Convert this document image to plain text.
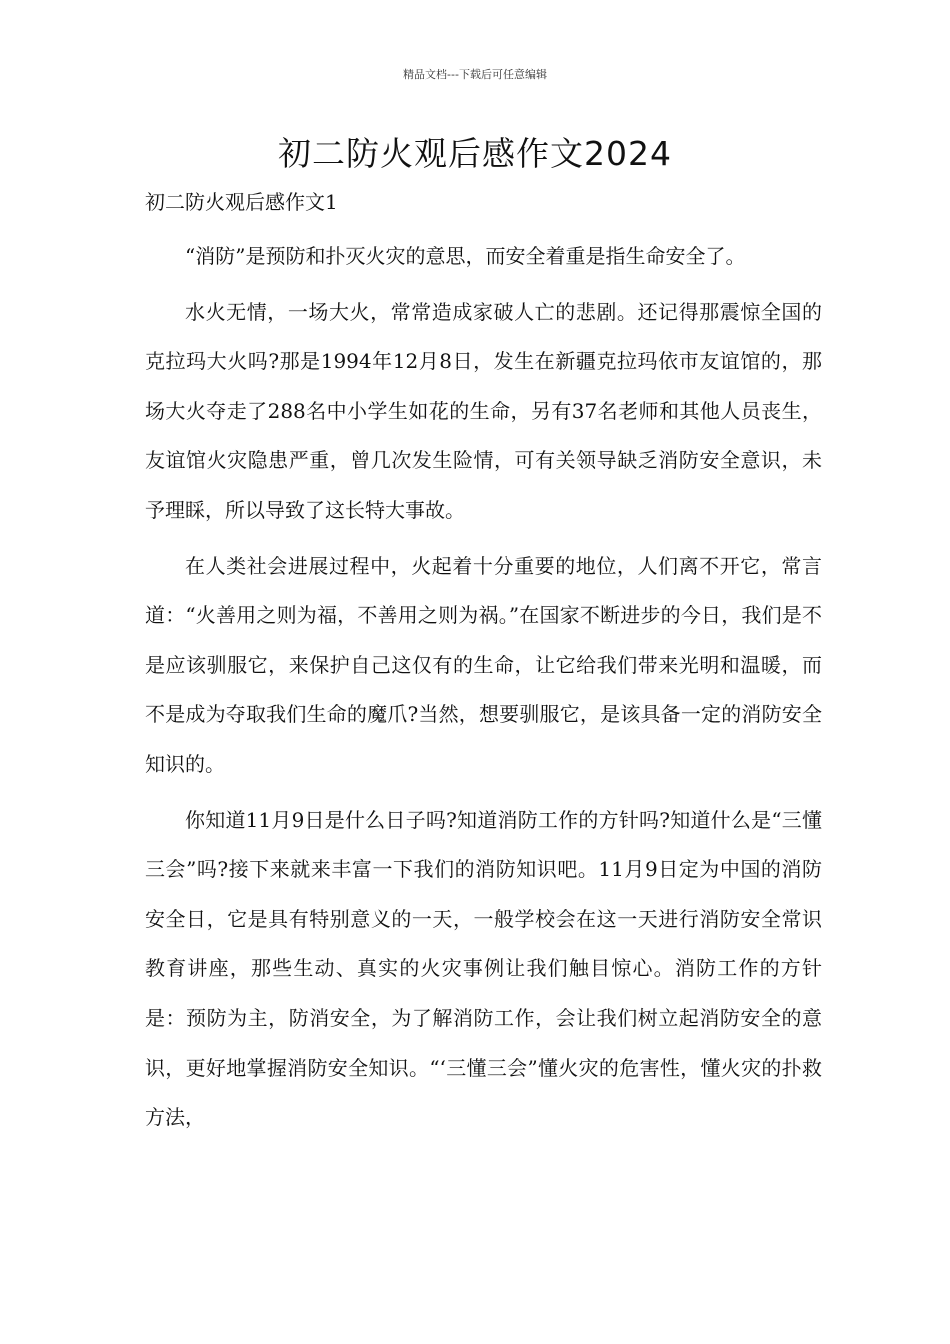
精品文档---下载后可任意编辑
初二防火观后感作文2024
初二防火观后感作文1

“消防”是预防和扑灭火灾的意思，而安全着重是指生命安全了。

水火无情，一场大火，常常造成家破人亡的悲剧。还记得那震惊全国的克拉玛大火吗?那是1994年12月8日，发生在新疆克拉玛依市友谊馆的，那场大火夺走了288名中小学生如花的生命，另有37名老师和其他人员丧生，友谊馆火灾隐患严重，曾几次发生险情，可有关领导缺乏消防安全意识，未予理睬，所以导致了这长特大事故。

在人类社会进展过程中，火起着十分重要的地位，人们离不开它，常言道：“火善用之则为福，不善用之则为祸。”在国家不断进步的今日，我们是不是应该驯服它，来保护自己这仅有的生命，让它给我们带来光明和温暖，而不是成为夺取我们生命的魔爪?当然，想要驯服它，是该具备一定的消防安全知识的。

你知道11月9日是什么日子吗?知道消防工作的方针吗?知道什么是“三懂三会”吗?接下来就来丰富一下我们的消防知识吧。11月9日定为中国的消防安全日，它是具有特别意义的一天，一般学校会在这一天进行消防安全常识教育讲座，那些生动、真实的火灾事例让我们触目惊心。消防工作的方针是：预防为主，防消安全，为了解消防工作，会让我们树立起消防安全的意识，更好地掌握消防安全知识。“‘三懂三会”懂火灾的危害性，懂火灾的扑救方法，
